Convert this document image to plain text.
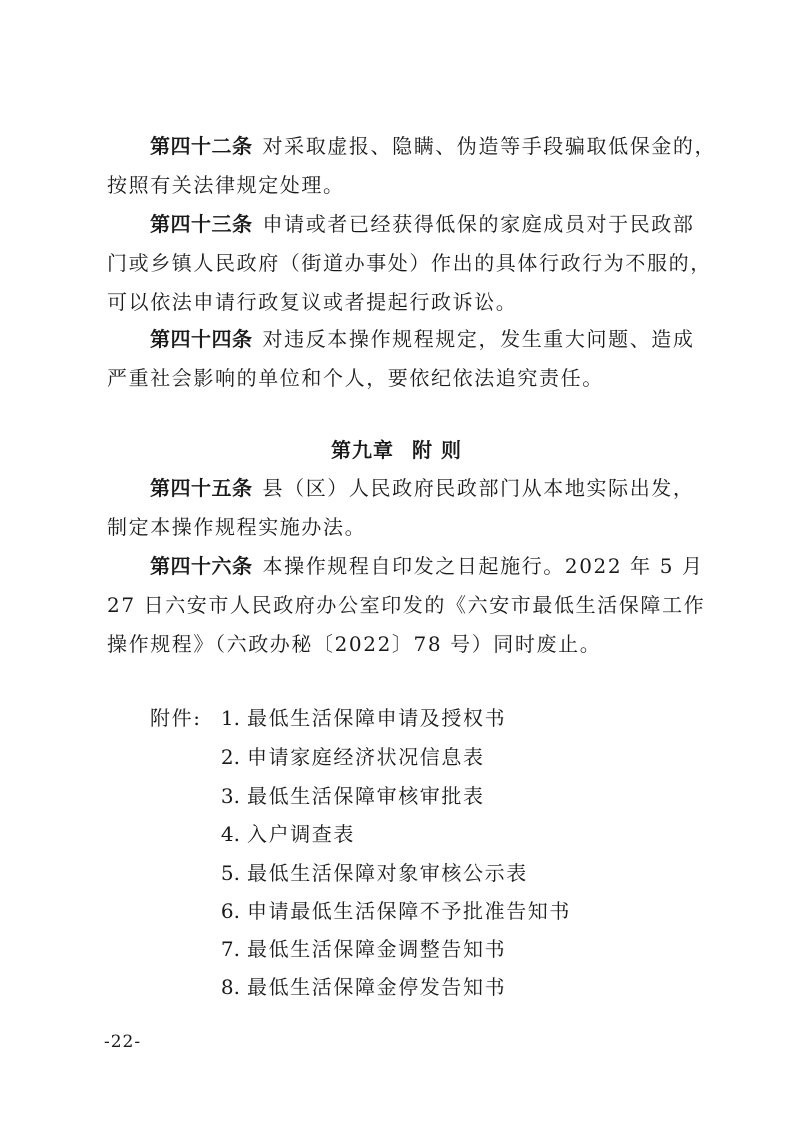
第四十二条 对采取虚报、隐瞒、伪造等手段骗取低保金的，
按照有关法律规定处理。
第四十三条 申请或者已经获得低保的家庭成员对于民政部
门或乡镇人民政府（街道办事处）作出的具体行政行为不服的，
可以依法申请行政复议或者提起行政诉讼。
第四十四条 对违反本操作规程规定，发生重大问题、造成
严重社会影响的单位和个人，要依纪依法追究责任。
第九章 附 则
第四十五条 县（区）人民政府民政部门从本地实际出发，
制定本操作规程实施办法。
第四十六条 本操作规程自印发之日起施行。2022 年 5 月
27 日六安市人民政府办公室印发的《六安市最低生活保障工作
操作规程》（六政办秘〔2022〕78 号）同时废止。
附件: 1. 最低生活保障申请及授权书
2. 申请家庭经济状况信息表
3. 最低生活保障审核审批表
4. 入户调查表
5. 最低生活保障对象审核公示表
6. 申请最低生活保障不予批准告知书
7. 最低生活保障金调整告知书
8. 最低生活保障金停发告知书
-22-
